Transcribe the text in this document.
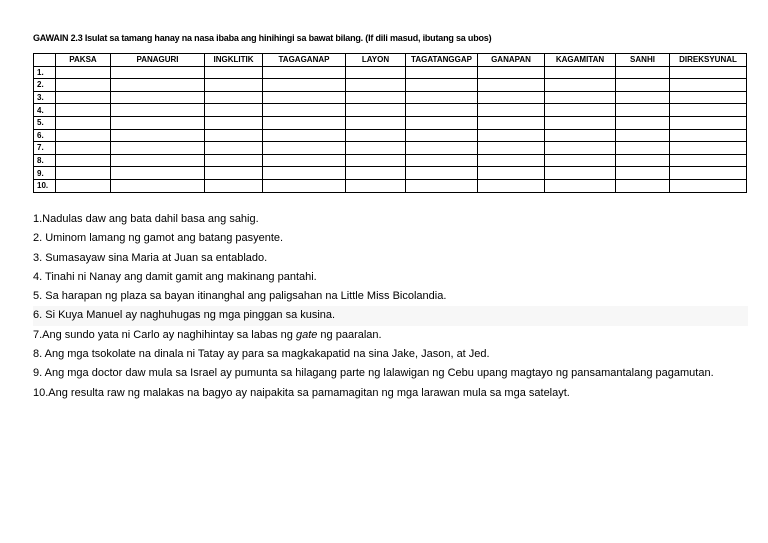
GAWAIN 2.3 Isulat sa tamang hanay na nasa ibaba ang hinihingi sa bawat bilang. (If dili masud, ibutang sa ubos)
	PAKSA	PANAGURI	INGKLITIK	TAGAGANAP	LAYON	TAGATANGGAP	GANAPAN	KAGAMITAN	SANHI	DIREKSYUNAL
1.										
2.										
3.										
4.										
5.										
6.										
7.										
8.										
9.										
10.										
1.Nadulas daw ang bata dahil basa ang sahig.
2. Uminom lamang ng gamot ang batang pasyente.
3. Sumasayaw sina Maria at Juan sa entablado.
4. Tinahi ni Nanay ang damit gamit ang makinang pantahi.
5. Sa harapan ng plaza sa bayan itinanghal ang paligsahan na Little Miss Bicolandia.
6. Si Kuya Manuel ay naghuhugas ng mga pinggan sa kusina.
7.Ang sundo yata ni Carlo ay naghihintay sa labas ng gate ng paaralan.
8. Ang mga tsokolate na dinala ni Tatay ay para sa magkakapatid na sina Jake, Jason, at Jed.
9. Ang mga doctor daw mula sa Israel ay pumunta sa hilagang parte ng lalawigan ng Cebu upang magtayo ng pansamantalang pagamutan.
10.Ang resulta raw ng malakas na bagyo ay naipakita sa pamamagitan ng mga larawan mula sa mga satelayt.
